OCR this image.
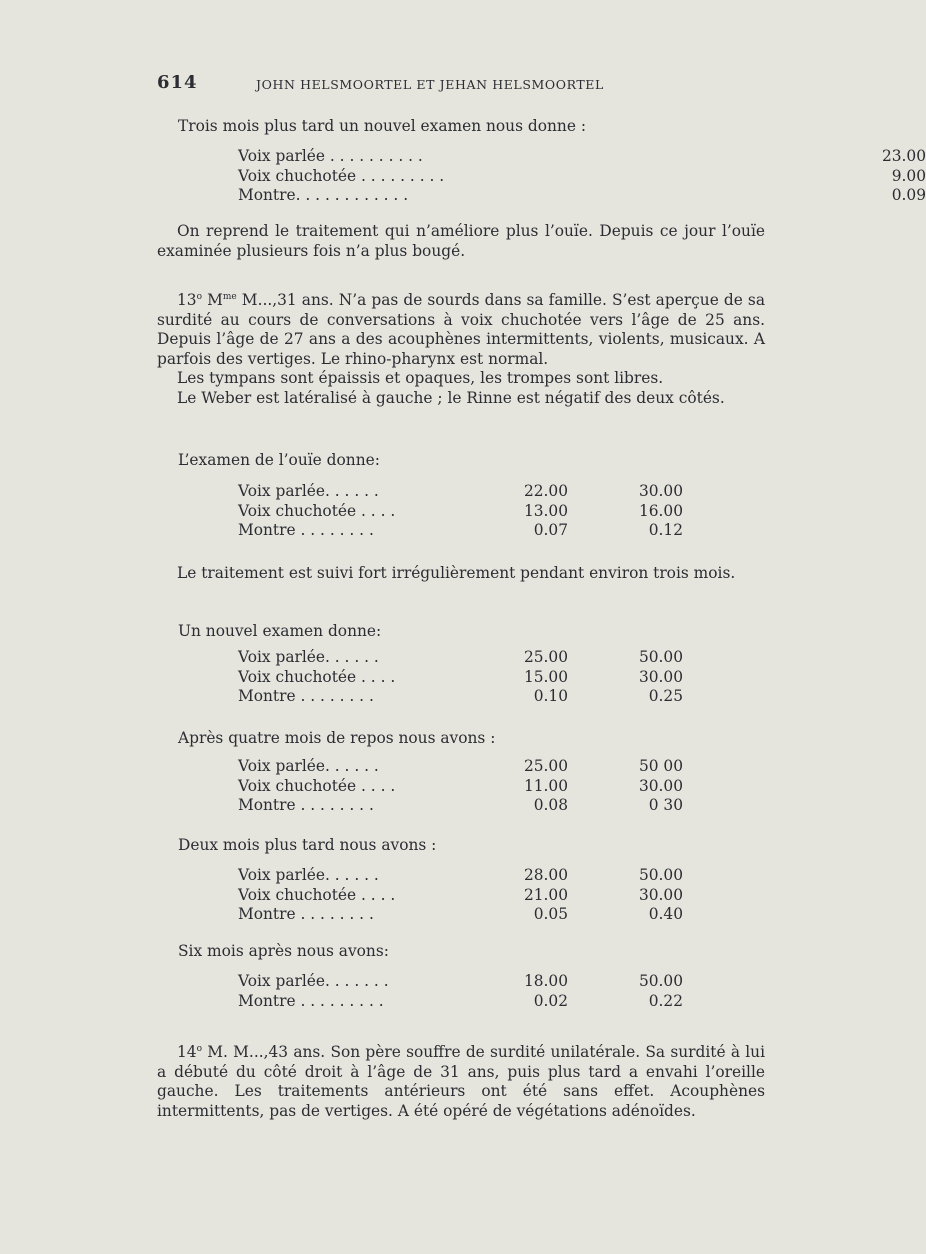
614	JOHN HELSMOORTEL ET JEHAN HELSMOORTEL
Trois mois plus tard un nouvel examen nous donne :
Voix parlée . . . . . . . . . .	23.00
Voix chuchotée . . . . . . . . .	9.00
Montre. . . . . . . . . . . .	0.09
On reprend le traitement qui n’améliore plus l’ouïe. Depuis ce jour l’ouïe examinée plusieurs fois n’a plus bougé.
13$^o$ $M^{me}$ M...,31 ans. N’a pas de sourds dans sa famille. S’est aperçue de sa surdité au cours de conversations à voix chuchotée vers l’âge de 25 ans. Depuis l’âge de 27 ans a des acouphènes intermittents, violents, musicaux. A parfois des vertiges. Le rhino-pharynx est normal.
Les tympans sont épaissis et opaques, les trompes sont libres.
Le Weber est latéralisé à gauche ; le Rinne est négatif des deux côtés.
L’examen de l’ouïe donne:
Voix parlée. . . . . .	22.00	30.00
Voix chuchotée . . . .	13.00	16.00
Montre . . . . . . . .	0.07	0.12
Le traitement est suivi fort irrégulièrement pendant environ trois mois.
Un nouvel examen donne:
Voix parlée. . . . . .	25.00	50.00
Voix chuchotée . . . .	15.00	30.00
Montre . . . . . . . .	0.10	0.25
Après quatre mois de repos nous avons :
Voix parlée. . . . . .	25.00	50 00
Voix chuchotée . . . .	11.00	30.00
Montre . . . . . . . .	0.08	0 30
Deux mois plus tard nous avons :
Voix parlée. . . . . .	28.00	50.00
Voix chuchotée . . . .	21.00	30.00
Montre . . . . . . . .	0.05	0.40
Six mois après nous avons:
Voix parlée. . . . . . .	18.00	50.00
Montre . . . . . . . . .	0.02	0.22
14$^o$ M. M...,43 ans. Son père souffre de surdité unilatérale. Sa surdité à lui a débuté du côté droit à l’âge de 31 ans, puis plus tard a envahi l’oreille gauche. Les traitements antérieurs ont été sans effet. Acouphènes intermittents, pas de vertiges. A été opéré de végétations adénoïdes.
